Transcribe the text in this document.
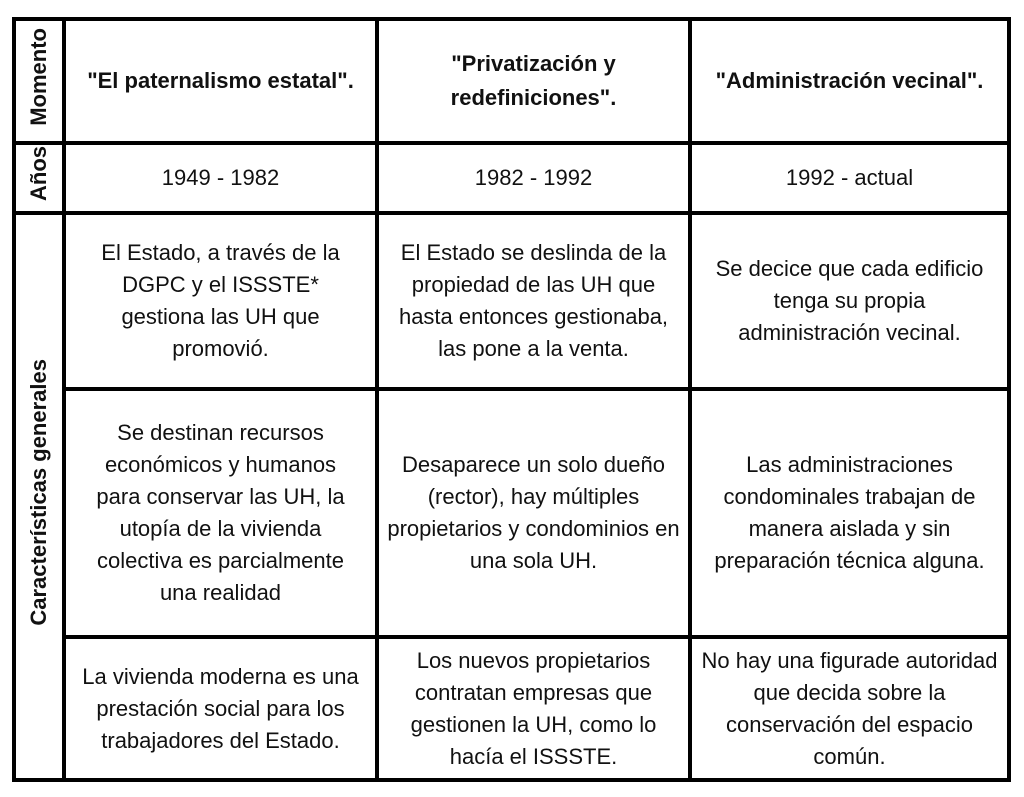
Momento	"El paternalismo estatal".	"Privatización y redefiniciones".	"Administración vecinal".

Años	1949 - 1982	1982 - 1992	1992 - actual

Características generales	El Estado, a través de la DGPC y el ISSSTE* gestiona las UH que promovió.	El Estado se deslinda de la propiedad de las UH que hasta entonces gestionaba, las pone a la venta.	Se decice que cada edificio tenga su propia administración vecinal.

	Se destinan recursos económicos y humanos para conservar las UH, la utopía de la vivienda colectiva es parcialmente una realidad	Desaparece un solo dueño (rector), hay múltiples propietarios y condominios en una sola UH.	Las administraciones condominales trabajan de manera aislada y sin preparación técnica alguna.

	La vivienda moderna es una prestación social para los trabajadores del Estado.	Los nuevos propietarios contratan empresas que gestionen la UH, como lo hacía el ISSSTE.	No hay una figurade autoridad que decida sobre la conservación del espacio común.
